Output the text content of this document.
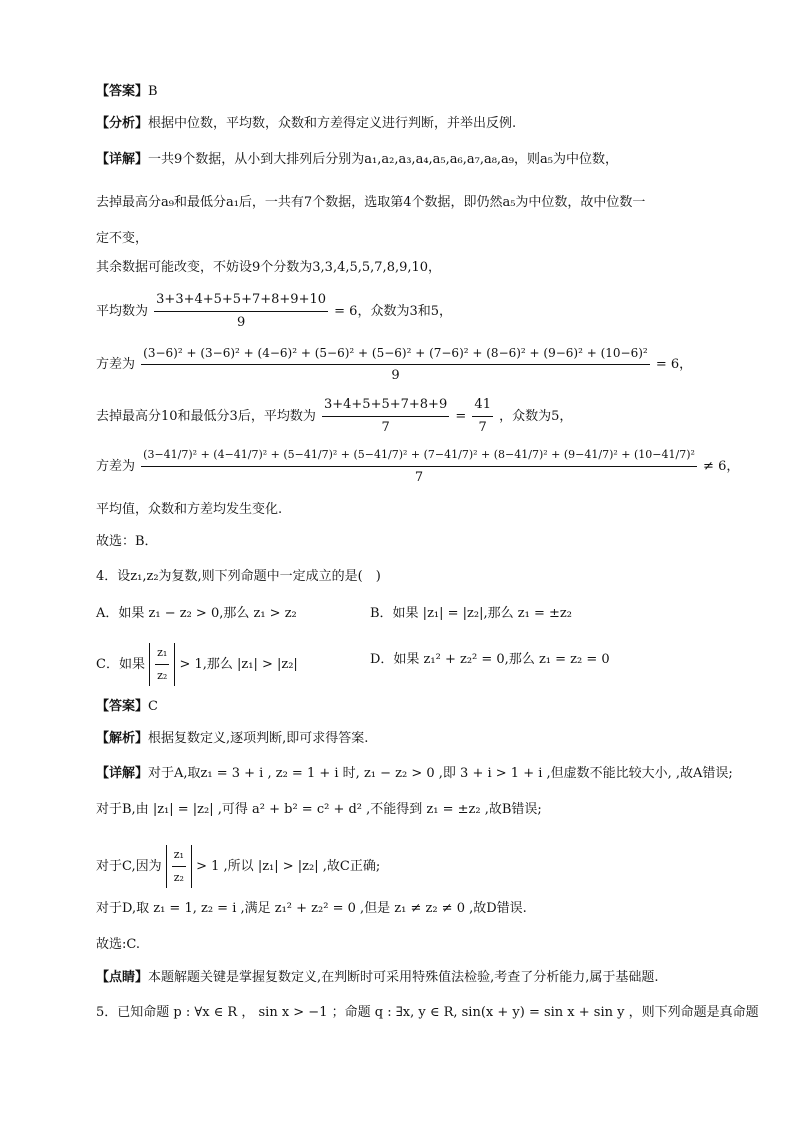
【答案】B
【分析】根据中位数，平均数，众数和方差得定义进行判断，并举出反例.
【详解】一共9个数据，从小到大排列后分别为a₁,a₂,a₃,a₄,a₅,a₆,a₇,a₈,a₉，则a₅为中位数，
去掉最高分a₉和最低分a₁后，一共有7个数据，选取第4个数据，即仍然a₅为中位数，故中位数一
定不变，
其余数据可能改变，不妨设9个分数为3,3,4,5,5,7,8,9,10，
平均数为 $\frac{3+3+4+5+5+7+8+9+10}{9} = 6$，众数为3和5，
方差为
(3−6)² + (3−6)² + (4−6)² + (5−6)² + (5−6)² + (7−6)² + (8−6)² + (9−6)² + (10−6)²
9
= 6，
去掉最高分10和最低分3后，平均数为 $\frac{3+4+5+5+7+8+9}{7} = \frac{41}{7}$ ，众数为5，
方差为
(3−41/7)² + (4−41/7)² + (5−41/7)² + (5−41/7)² + (7−41/7)² + (8−41/7)² + (9−41/7)² + (10−41/7)²
7
≠ 6，
平均值，众数和方差均发生变化.
故选：B．
4．设z₁,z₂为复数,则下列命题中一定成立的是(　)
A．如果 z₁ − z₂ > 0,那么 z₁ > z₂	B．如果 |z₁| = |z₂|,那么 z₁ = ±z₂
C．如果 $\frac{\text{z₁}}{\text{z₂}} > 1$,那么 |z₁| > |z₂|	D．如果 z₁² + z₂² = 0,那么 z₁ = z₂ = 0
【答案】C
【解析】根据复数定义,逐项判断,即可求得答案.
【详解】对于A,取z₁ = 3 + i , z₂ = 1 + i 时, z₁ − z₂ > 0 ,即 3 + i > 1 + i ,但虚数不能比较大小, ,故A错误;
对于B,由 |z₁| = |z₂| ,可得 a² + b² = c² + d² ,不能得到 z₁ = ±z₂ ,故B错误;
对于C,因为 $\frac{\text{z₁}}{\text{z₂}} > 1$ ,所以 |z₁| > |z₂| ,故C正确;
对于D,取 z₁ = 1, z₂ = i ,满足 z₁² + z₂² = 0 ,但是 z₁ ≠ z₂ ≠ 0 ,故D错误.
故选:C.
【点睛】本题解题关键是掌握复数定义,在判断时可采用特殊值法检验,考查了分析能力,属于基础题.
5．已知命题 p : ∀x ∈ R ， sin x > −1 ；命题 q : ∃x, y ∈ R, sin(x + y) = sin x + sin y ，则下列命题是真命题
